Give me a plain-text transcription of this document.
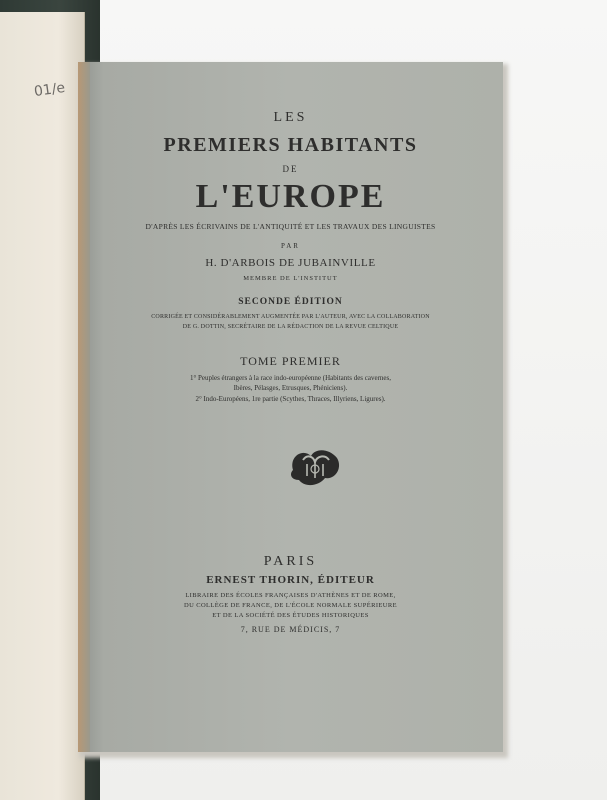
01/e
LES
PREMIERS HABITANTS
DE
L'EUROPE
D'APRÈS LES ÉCRIVAINS DE L'ANTIQUITÉ ET LES TRAVAUX DES LINGUISTES
PAR
H. D'ARBOIS DE JUBAINVILLE
MEMBRE DE L'INSTITUT
SECONDE ÉDITION
CORRIGÉE ET CONSIDÉRABLEMENT AUGMENTÉE PAR L'AUTEUR, AVEC LA COLLABORATION
DE G. DOTTIN, SECRÉTAIRE DE LA RÉDACTION DE LA REVUE CELTIQUE
TOME PREMIER
1° Peuples étrangers à la race indo-européenne (Habitants des cavernes,
Ibères, Pélasges, Etrusques, Phéniciens).
2° Indo-Européens, 1re partie (Scythes, Thraces, Illyriens, Ligures).
PARIS
ERNEST THORIN, ÉDITEUR
LIBRAIRE DES ÉCOLES FRANÇAISES D'ATHÈNES ET DE ROME,
DU COLLÈGE DE FRANCE, DE L'ÉCOLE NORMALE SUPÉRIEURE
ET DE LA SOCIÉTÉ DES ÉTUDES HISTORIQUES
7, RUE DE MÉDICIS, 7
